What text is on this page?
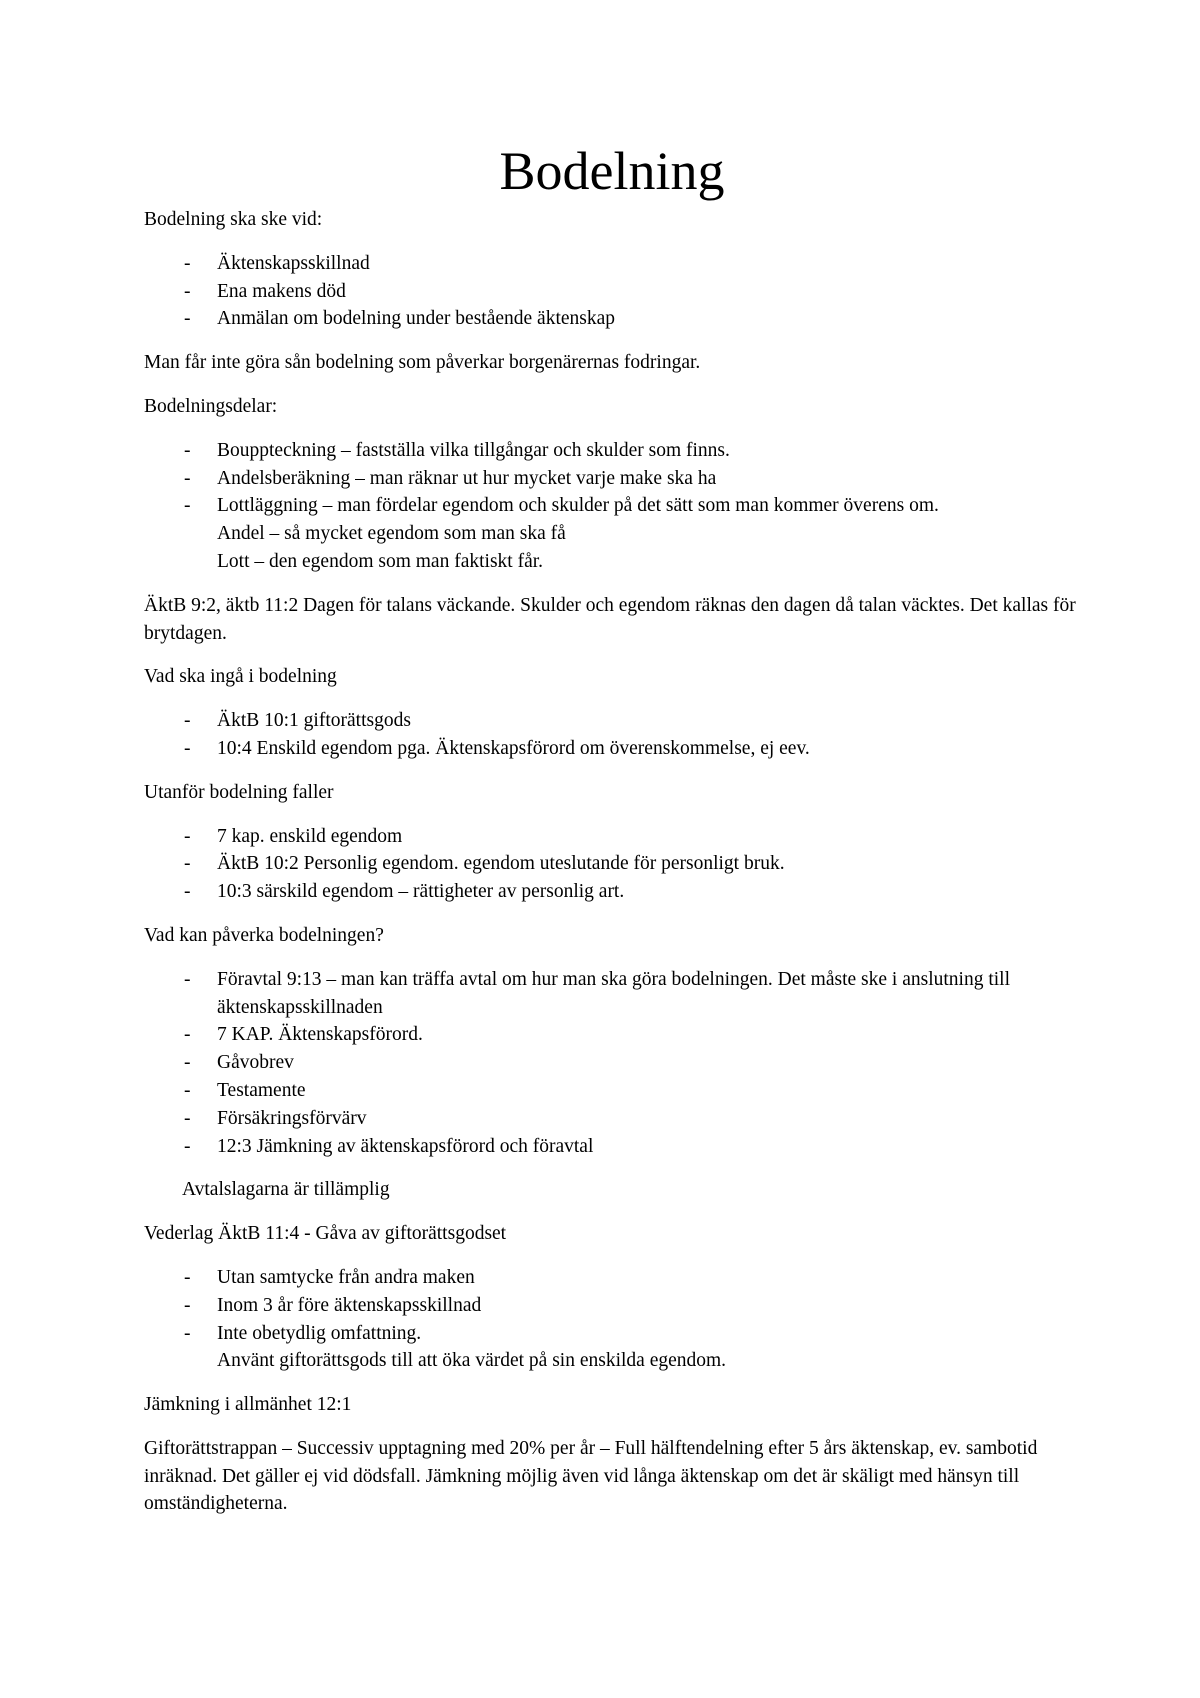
Bodelning

Bodelning ska ske vid:

- Äktenskapsskillnad
- Ena makens död
- Anmälan om bodelning under bestående äktenskap

Man får inte göra sån bodelning som påverkar borgenärernas fodringar.

Bodelningsdelar:

- Bouppteckning – fastställa vilka tillgångar och skulder som finns.
- Andelsberäkning – man räknar ut hur mycket varje make ska ha
- Lottläggning – man fördelar egendom och skulder på det sätt som man kommer överens om.
Andel – så mycket egendom som man ska få
Lott – den egendom som man faktiskt får.

ÄktB 9:2, äktb 11:2 Dagen för talans väckande. Skulder och egendom räknas den dagen då talan väcktes. Det kallas för brytdagen.

Vad ska ingå i bodelning

- ÄktB 10:1 giftorättsgods
- 10:4 Enskild egendom pga. Äktenskapsförord om överenskommelse, ej eev.

Utanför bodelning faller

- 7 kap. enskild egendom
- ÄktB 10:2 Personlig egendom. egendom uteslutande för personligt bruk.
- 10:3 särskild egendom – rättigheter av personlig art.

Vad kan påverka bodelningen?

- Föravtal 9:13 – man kan träffa avtal om hur man ska göra bodelningen. Det måste ske i anslutning till äktenskapsskillnaden
- 7 KAP. Äktenskapsförord.
- Gåvobrev
- Testamente
- Försäkringsförvärv
- 12:3 Jämkning av äktenskapsförord och föravtal

Avtalslagarna är tillämplig

Vederlag ÄktB 11:4 - Gåva av giftorättsgodset

- Utan samtycke från andra maken
- Inom 3 år före äktenskapsskillnad
- Inte obetydlig omfattning.
Använt giftorättsgods till att öka värdet på sin enskilda egendom.

Jämkning i allmänhet 12:1

Giftorättstrappan – Successiv upptagning med 20% per år – Full hälftendelning efter 5 års äktenskap, ev. sambotid inräknad. Det gäller ej vid dödsfall. Jämkning möjlig även vid långa äktenskap om det är skäligt med hänsyn till omständigheterna.
